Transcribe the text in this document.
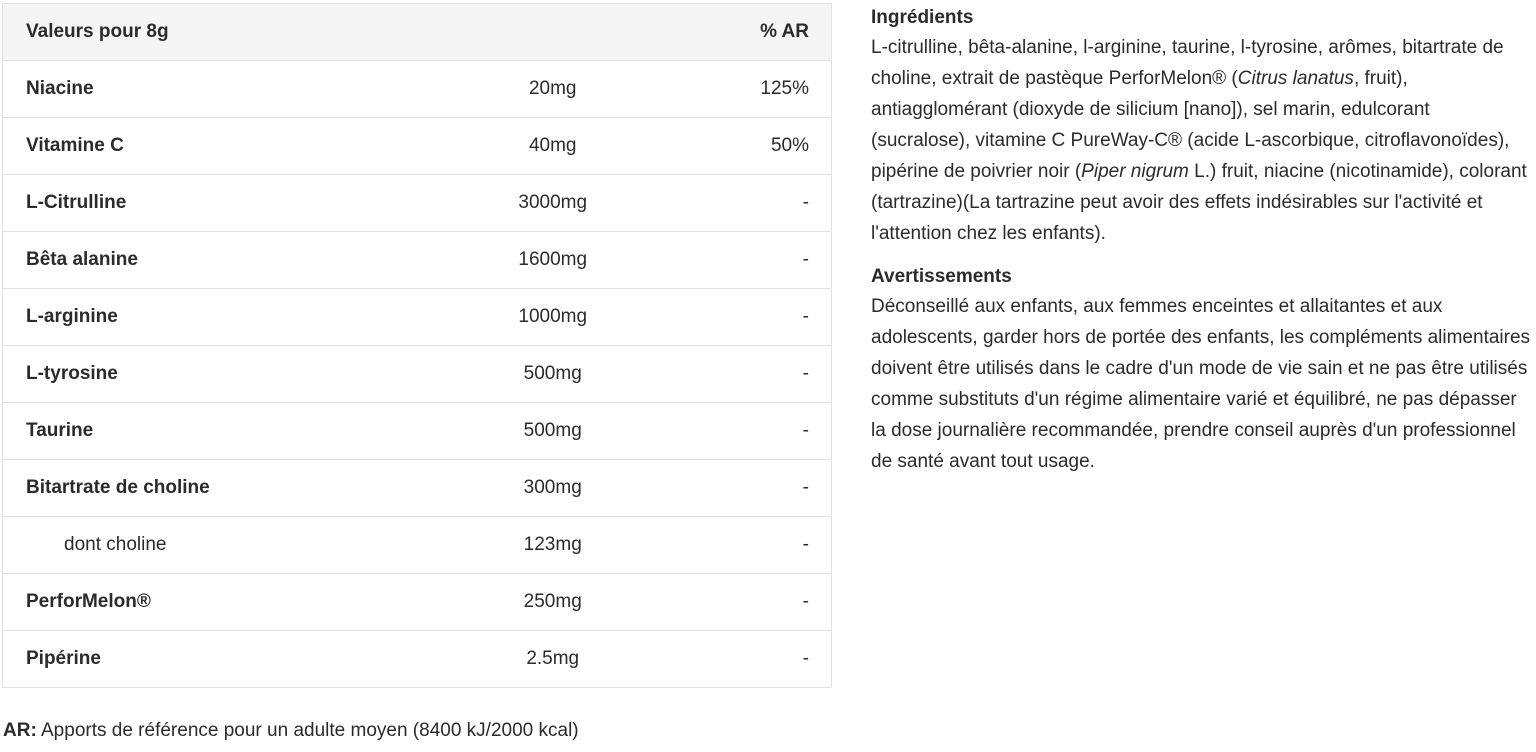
Valeurs pour 8g		% AR
Niacine	20mg	125%
Vitamine C	40mg	50%
L-Citrulline	3000mg	-
Bêta alanine	1600mg	-
L-arginine	1000mg	-
L-tyrosine	500mg	-
Taurine	500mg	-
Bitartrate de choline	300mg	-
dont choline	123mg	-
PerforMelon®	250mg	-
Pipérine	2.5mg	-
AR: Apports de référence pour un adulte moyen (8400 kJ/2000 kcal)
Ingrédients

L-citrulline, bêta-alanine, l-arginine, taurine, l-tyrosine, arômes, bitartrate de choline, extrait de pastèque PerforMelon® (Citrus lanatus, fruit), antiagglomérant (dioxyde de silicium [nano]), sel marin, edulcorant (sucralose), vitamine C PureWay-C® (acide L-ascorbique, citroflavonoïdes), pipérine de poivrier noir (Piper nigrum L.) fruit, niacine (nicotinamide), colorant (tartrazine)(La tartrazine peut avoir des effets indésirables sur l'activité et l'attention chez les enfants).

Avertissements

Déconseillé aux enfants, aux femmes enceintes et allaitantes et aux adolescents, garder hors de portée des enfants, les compléments alimentaires doivent être utilisés dans le cadre d'un mode de vie sain et ne pas être utilisés comme substituts d'un régime alimentaire varié et équilibré, ne pas dépasser la dose journalière recommandée, prendre conseil auprès d'un professionnel de santé avant tout usage.
